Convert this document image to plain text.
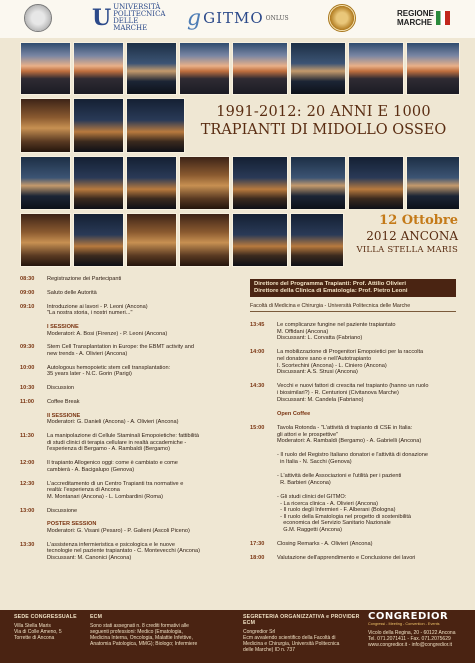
U UNIVERSITÀ POLITECNICA DELLE MARCHE g GITMO ONLUS	REGIONE
MARCHE
1991-2012: 20 ANNI E 1000
TRAPIANTI DI MIDOLLO OSSEO
12 Ottobre
2012 ANCONA
VILLA STELLA MARIS
08:30	Registrazione dei Partecipanti
09:00	Saluto delle Autorità
09:10	Introduzione ai lavori - P. Leoni (Ancona)
"La nostra storia, i nostri numeri..."
I SESSIONE
Moderatori: A. Bosi (Firenze) - P. Leoni (Ancona)
09:30	Stem Cell Transplantation in Europe: the EBMT activity and
new trends - A. Olivieri (Ancona)
10:00	Autologous hemopoietic stem cell transplantation:
35 years later - N.C. Gorin (Parigi)
10:30	Discussion
11:00	Coffee Break
II SESSIONE
Moderatori: G. Danieli (Ancona) - A. Olivieri (Ancona)
11:30	La manipolazione di Cellule Staminali Emopoietiche: fattibilità
di studi clinici di terapia cellulare in realtà accademiche -
l'esperienza di Bergamo - A. Rambaldi (Bergamo)
12:00	Il trapianto Allogenico oggi: come è cambiato e come
cambierà - A. Bacigalupo (Genova)
12:30	L'accreditamento di un Centro Trapianti tra normative e
realtà: l'esperienza di Ancona
M. Montanari (Ancona) - L. Lombardini (Roma)
13:00	Discussione
POSTER SESSION
Moderatori: G. Visani (Pesaro) - P. Galieni (Ascoli Piceno)
13:30	L'assistenza infermieristica e psicologica e le nuove
tecnologie nel paziente trapiantato - C. Montevecchi (Ancona)
Discussant: M. Canonici (Ancona)
Direttore del Programma Trapianti: Prof. Attilio Olivieri
Direttore della Clinica di Ematologia: Prof. Pietro Leoni
Facoltà di Medicina e Chirurgia - Università Politecnica delle Marche
13:45	Le complicanze fungine nel paziente trapiantato
M. Offidani (Ancona)
Discussant: L. Corvatta (Fabriano)
14:00	La mobilizzazione di Progenitori Emopoietici per la raccolta
nel donatore sano e nell'Autotrapianto
I. Scortechini (Ancona) - L. Ciniero (Ancona)
Discussant: A.S. Strusi (Ancona)
14:30	Vecchi e nuovi fattori di crescita nel trapianto (hanno un ruolo
i biosimilari?) - R. Centurioni (Civitanova Marche)
Discussant: M. Candela (Fabriano)
Open Coffee
15:00	Tavola Rotonda - "L'attività di trapianto di CSE in Italia:
gli attori e le prospettive"
Moderatori: A. Rambaldi (Bergamo) - A. Gabrielli (Ancona)
- Il ruolo del Registro Italiano donatori e l'attività di donazione
in Italia - N. Sacchi (Genova)
- L'attività delle Associazioni e l'utilità per i pazienti
R. Barbieri (Ancona)
- Gli studi clinici del GITMO:
- La ricerca clinica - A. Olivieri (Ancona)
- Il ruolo degli Infermieri - F. Alberani (Bologna)
- Il ruolo della Ematologia nel progetto di sostenibilità
economica del Servizio Sanitario Nazionale
G.M. Raggetti (Ancona)
17:30	Closing Remarks - A. Olivieri (Ancona)
18:00	Valutazione dell'apprendimento e Conclusione dei lavori
SEDE CONGRESSUALE
Villa Stella Maris
Via di Colle Ameno, 5
Torrette di Ancona
ECM
Sono stati assegnati n. 8 crediti formativi alle
seguenti professioni: Medico (Ematologia,
Medicina Interna, Oncologia, Malattie Infettive,
Anatomia Patologica, MMG); Biologo; Infermiere
SEGRETERIA ORGANIZZATIVA e PROVIDER ECM
Congredior Srl
Ecm avvalendo scientifico della Facoltà di
Medicina e Chirurgia, Università Politecnica
delle Marche) ID n. 737
CONGREDIOR
Congressi - Meeting - Convention - Events
Vicolo della Regina, 20 - 60122 Ancona
Tel. 071.2071411 - Fax. 071.2075629
www.congredior.it - info@congredior.it
